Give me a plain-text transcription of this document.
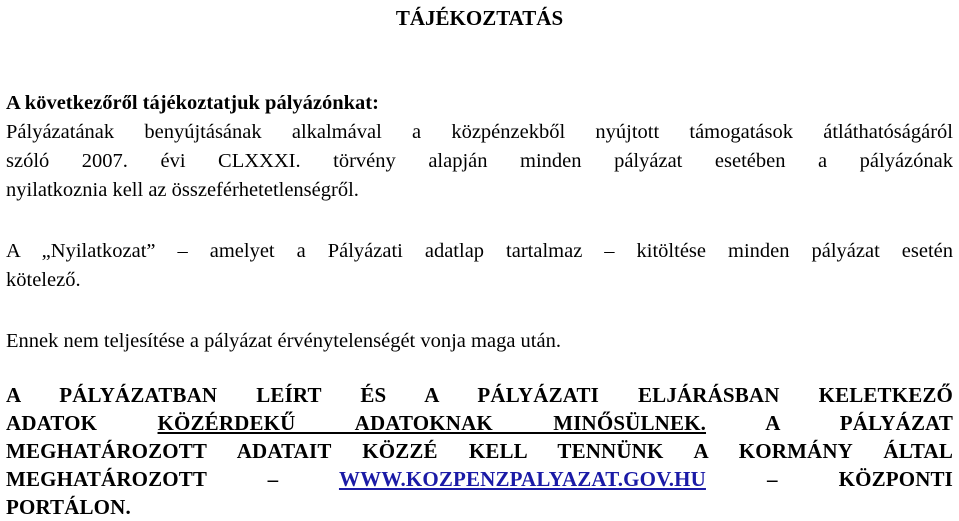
TÁJÉKOZTATÁS
A következőről tájékoztatjuk pályázónkat:
Pályázatának benyújtásának alkalmával a közpénzekből nyújtott támogatások átláthatóságáról
szóló 2007. évi CLXXXI. törvény alapján minden pályázat esetében a pályázónak
nyilatkoznia kell az összeférhetetlenségről.
A „Nyilatkozat” – amelyet a Pályázati adatlap tartalmaz – kitöltése minden pályázat esetén
kötelező.
Ennek nem teljesítése a pályázat érvénytelenségét vonja maga után.
A PÁLYÁZATBAN LEÍRT ÉS A PÁLYÁZATI ELJÁRÁSBAN KELETKEZŐ
ADATOK	KÖZÉRDEKŰ ADATOKNAK MINŐSÜLNEK.	A PÁLYÁZAT
MEGHATÁROZOTT ADATAIT KÖZZÉ KELL TENNÜNK A KORMÁNY ÁLTAL
MEGHATÁROZOTT –	WWW.KOZPENZPALYAZAT.GOV.HU	– KÖZPONTI
PORTÁLON.
